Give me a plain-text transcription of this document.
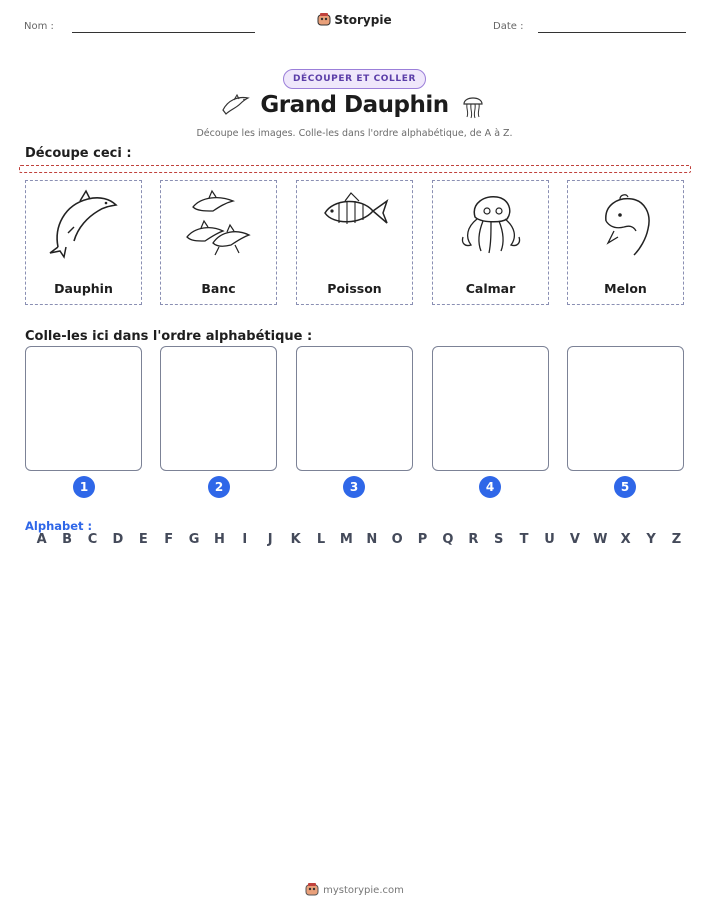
Nom :	Storypie	Date :
DÉCOUPER ET COLLER
Grand Dauphin
Découpe les images. Colle-les dans l'ordre alphabétique, de A à Z.
Découpe ceci :
Dauphin	Banc	Poisson	Calmar	Melon
Colle-les ici dans l'ordre alphabétique :
1	2	3	4	5
Alphabet :
A	B	C	D	E	F	G	H	I	J	K	L	M	N	O	P	Q	R	S	T	U	V	W	X	Y	Z
mystorypie.com
